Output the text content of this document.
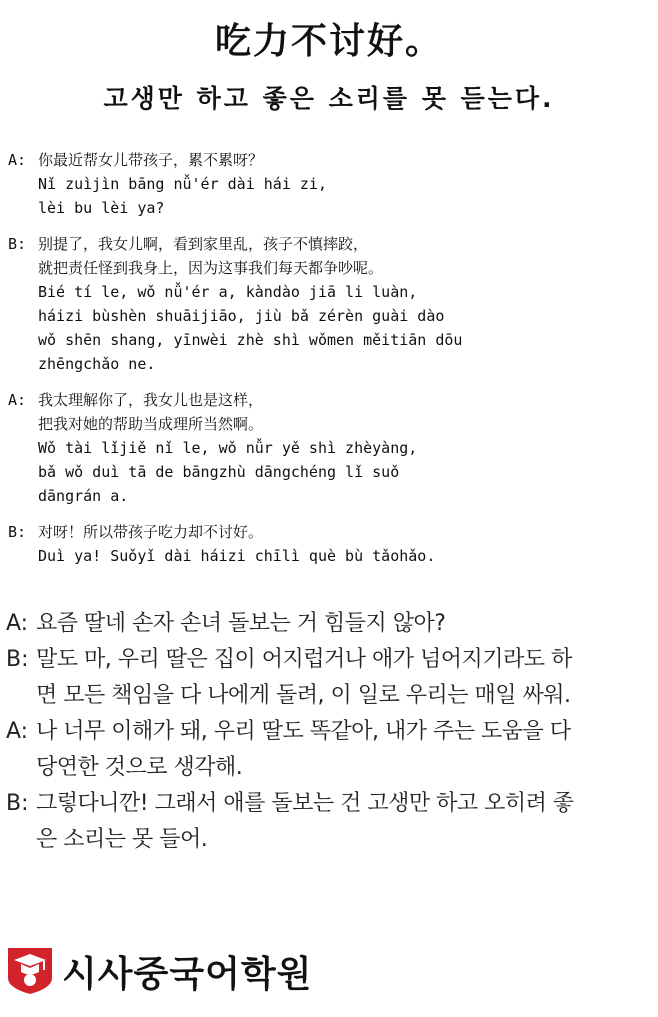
吃力不讨好。
고생만 하고 좋은 소리를 못 듣는다.
A: 你最近帮女儿带孩子，累不累呀？
Nǐ zuìjìn bāng nǚ'ér dài hái zi,
lèi bu lèi ya?
B: 别提了，我女儿啊，看到家里乱，孩子不慎摔跤，
就把责任怪到我身上，因为这事我们每天都争吵呢。
Bié tí le, wǒ nǚ'ér a, kàndào jiā li luàn,
háizi bùshèn shuāijiāo, jiù bǎ zérèn guài dào
wǒ shēn shang, yīnwèi zhè shì wǒmen měitiān dōu
zhēngchǎo ne.
A: 我太理解你了，我女儿也是这样，
把我对她的帮助当成理所当然啊。
Wǒ tài lǐjiě nǐ le, wǒ nǚr yě shì zhèyàng,
bǎ wǒ duì tā de bāngzhù dāngchéng lǐ suǒ
dāngrán a.
B: 对呀！所以带孩子吃力却不讨好。
Duì ya! Suǒyǐ dài háizi chīlì què bù tǎohǎo.
A: 요즘 딸네 손자 손녀 돌보는 거 힘들지 않아?
B: 말도 마, 우리 딸은 집이 어지럽거나 애가 넘어지기라도 하
면 모든 책임을 다 나에게 돌려, 이 일로 우리는 매일 싸워.
A: 나 너무 이해가 돼, 우리 딸도 똑같아, 내가 주는 도움을 다
당연한 것으로 생각해.
B: 그렇다니깐! 그래서 애를 돌보는 건 고생만 하고 오히려 좋
은 소리는 못 들어.
시사중국어학원
